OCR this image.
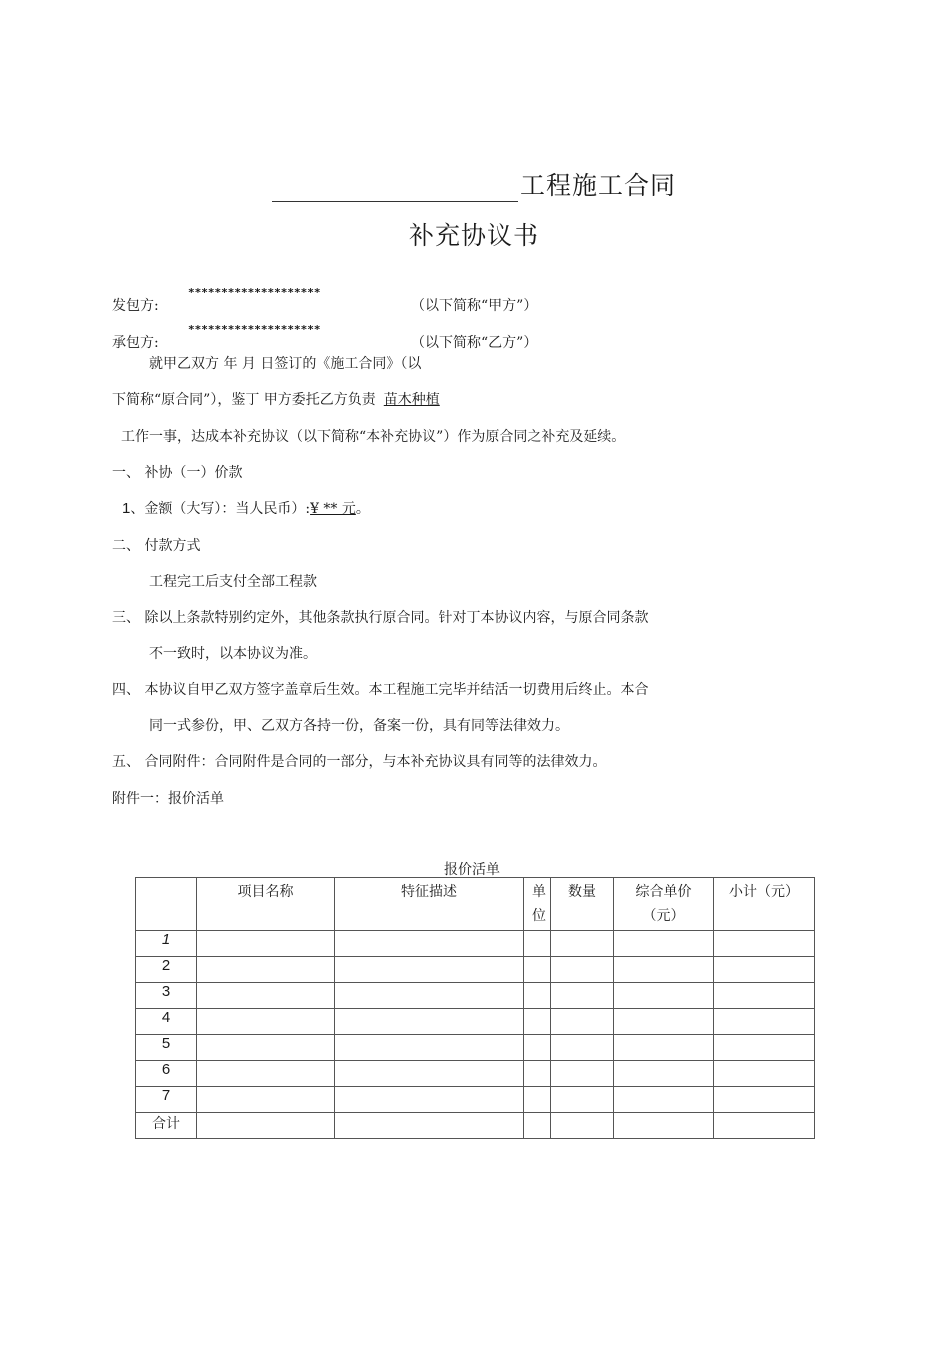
工程施工合同
补充协议书
********************
发包方:	（以下简称“甲方”）
********************
承包方:	（以下简称“乙方”）
就甲乙双方 年 月 日签订的《施工合同》（以
下简称“原合同”），鉴丁 甲方委托乙方负责 苗木种植
工作一事，达成本补充协议（以下简称“本补充协议”）作为原合同之补充及延续。
一、 补协（一）价款
1、金额（大写）：当人民币）:¥ ** 元。
二、 付款方式
工程完工后支付全部工程款
三、 除以上条款特别约定外，其他条款执行原合同。针对丁本协议内容，与原合同条款
不一致时，以本协议为准。
四、 本协议自甲乙双方签字盖章后生效。本工程施工完毕并结活一切费用后终止。本合
同一式参份，甲、乙双方各持一份，备案一份，具有同等法律效力。
五、 合同附件：合同附件是合同的一部分，与本补充协议具有同等的法律效力。
附件一：报价活单
报价活单
	项目名称	特征描述	单位	数量	综合单价（元）	小计（元）
1						
2						
3						
4						
5						
6						
7						
合计						
